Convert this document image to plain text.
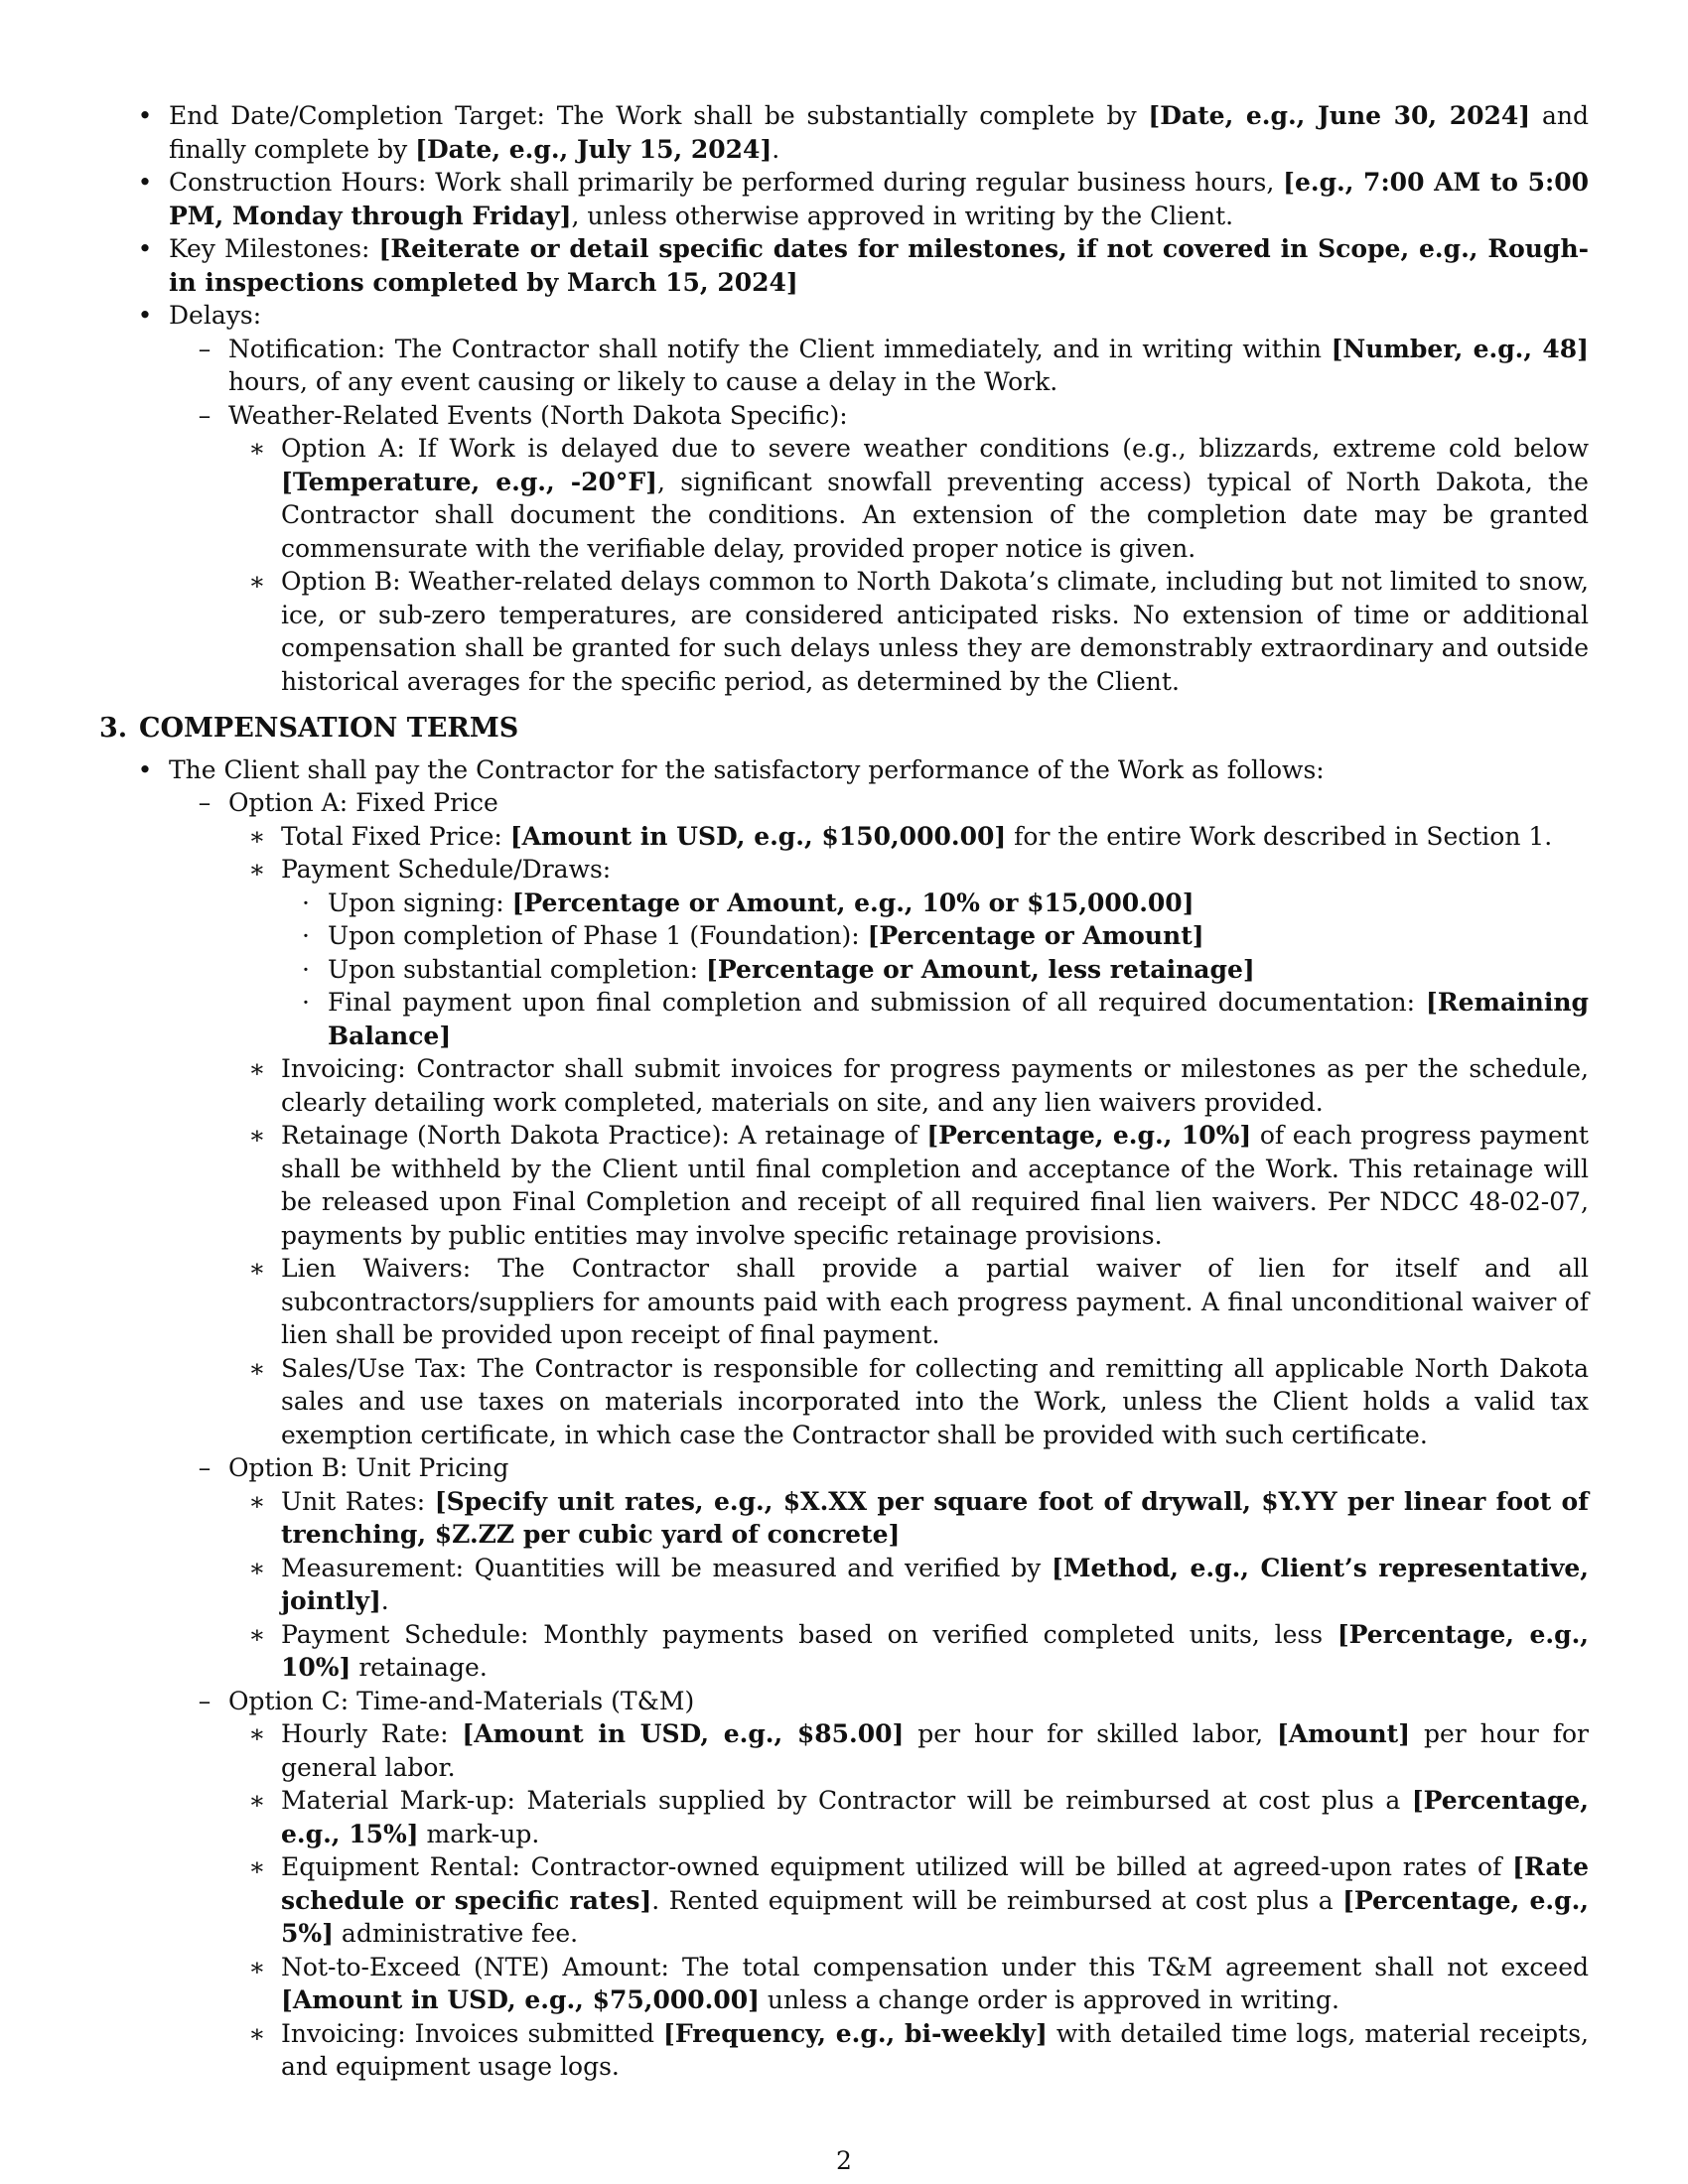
• End Date/Completion Target: The Work shall be substantially complete by [Date, e.g., June 30, 2024] and finally complete by [Date, e.g., July 15, 2024].
• Construction Hours: Work shall primarily be performed during regular business hours, [e.g., 7:00 AM to 5:00 PM, Monday through Friday], unless otherwise approved in writing by the Client.
• Key Milestones: [Reiterate or detail specific dates for milestones, if not covered in Scope, e.g., Rough-in inspections completed by March 15, 2024]
• Delays:
– Notification: The Contractor shall notify the Client immediately, and in writing within [Number, e.g., 48] hours, of any event causing or likely to cause a delay in the Work.
– Weather-Related Events (North Dakota Specific):
∗ Option A: If Work is delayed due to severe weather conditions (e.g., blizzards, extreme cold below [Temperature, e.g., -20°F], significant snowfall preventing access) typical of North Dakota, the Contractor shall document the conditions. An extension of the completion date may be granted commensurate with the verifiable delay, provided proper notice is given.
∗ Option B: Weather-related delays common to North Dakota’s climate, including but not limited to snow, ice, or sub-zero temperatures, are considered anticipated risks. No extension of time or additional compensation shall be granted for such delays unless they are demonstrably extraordinary and outside historical averages for the specific period, as determined by the Client.
3. COMPENSATION TERMS
• The Client shall pay the Contractor for the satisfactory performance of the Work as follows:
– Option A: Fixed Price
∗ Total Fixed Price: [Amount in USD, e.g., $150,000.00] for the entire Work described in Section 1.
∗ Payment Schedule/Draws:
· Upon signing: [Percentage or Amount, e.g., 10% or $15,000.00]
· Upon completion of Phase 1 (Foundation): [Percentage or Amount]
· Upon substantial completion: [Percentage or Amount, less retainage]
· Final payment upon final completion and submission of all required documentation: [Remaining Balance]
∗ Invoicing: Contractor shall submit invoices for progress payments or milestones as per the schedule, clearly detailing work completed, materials on site, and any lien waivers provided.
∗ Retainage (North Dakota Practice): A retainage of [Percentage, e.g., 10%] of each progress payment shall be withheld by the Client until final completion and acceptance of the Work. This retainage will be released upon Final Completion and receipt of all required final lien waivers. Per NDCC 48-02-07, payments by public entities may involve specific retainage provisions.
∗ Lien Waivers: The Contractor shall provide a partial waiver of lien for itself and all subcontractors/suppliers for amounts paid with each progress payment. A final unconditional waiver of lien shall be provided upon receipt of final payment.
∗ Sales/Use Tax: The Contractor is responsible for collecting and remitting all applicable North Dakota sales and use taxes on materials incorporated into the Work, unless the Client holds a valid tax exemption certificate, in which case the Contractor shall be provided with such certificate.
– Option B: Unit Pricing
∗ Unit Rates: [Specify unit rates, e.g., $X.XX per square foot of drywall, $Y.YY per linear foot of trenching, $Z.ZZ per cubic yard of concrete]
∗ Measurement: Quantities will be measured and verified by [Method, e.g., Client’s representative, jointly].
∗ Payment Schedule: Monthly payments based on verified completed units, less [Percentage, e.g., 10%] retainage.
– Option C: Time-and-Materials (T&M)
∗ Hourly Rate: [Amount in USD, e.g., $85.00] per hour for skilled labor, [Amount] per hour for general labor.
∗ Material Mark-up: Materials supplied by Contractor will be reimbursed at cost plus a [Percentage, e.g., 15%] mark-up.
∗ Equipment Rental: Contractor-owned equipment utilized will be billed at agreed-upon rates of [Rate schedule or specific rates]. Rented equipment will be reimbursed at cost plus a [Percentage, e.g., 5%] administrative fee.
∗ Not-to-Exceed (NTE) Amount: The total compensation under this T&M agreement shall not exceed [Amount in USD, e.g., $75,000.00] unless a change order is approved in writing.
∗ Invoicing: Invoices submitted [Frequency, e.g., bi-weekly] with detailed time logs, material receipts, and equipment usage logs.
2
